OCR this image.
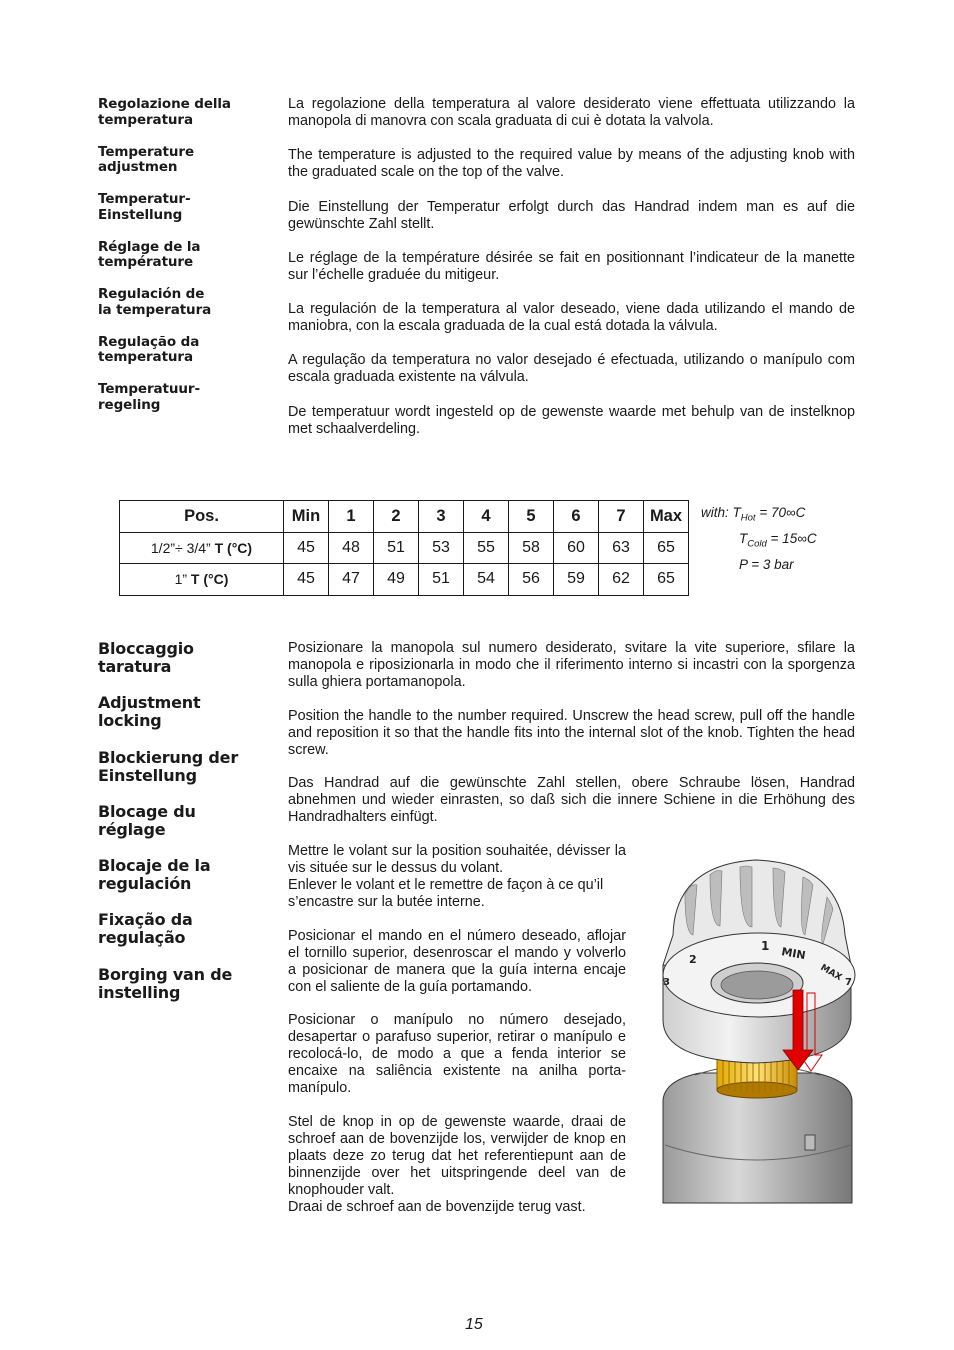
Regolazione della
temperatura
Temperature
adjustmen
Temperatur-
Einstellung
Réglage de la
température
Regulación de
la temperatura
Regulação da
temperatura
Temperatuur-
regeling

La regolazione della temperatura al valore desiderato viene effettuata utilizzando la manopola di manovra con scala graduata di cui è dotata la valvola.

The temperature is adjusted to the required value by means of the adjusting knob with the graduated scale on the top of the valve.

Die Einstellung der Temperatur erfolgt durch das Handrad indem man es auf die gewünschte Zahl stellt.

Le réglage de la température désirée se fait en positionnant l’indicateur de la manette sur l’échelle graduée du mitigeur.

La regulación de la temperatura al valor deseado, viene dada utilizando el mando de maniobra, con la escala graduada de la cual está dotada la válvula.

A regulação da temperatura no valor desejado é efectuada, utilizando o manípulo com escala graduada existente na válvula.

De temperatuur wordt ingesteld op de gewenste waarde met behulp van de instelknop met schaalverdeling.

Pos.	Min	1	2	3	4	5	6	7	Max
1/2”÷ 3/4” T (°C)	45	48	51	53	55	58	60	63	65
1” T (°C)	45	47	49	51	54	56	59	62	65
with: $T_{Hot} = 70\infty C$
$T_{Cold} = 15\infty C$
P = 3 bar
Bloccaggio
taratura
Adjustment
locking
Blockierung der
Einstellung
Blocage du
réglage
Blocaje de la
regulación
Fixação da
regulação
Borging van de
instelling

Posizionare la manopola sul numero desiderato, svitare la vite superiore, sfilare la manopola e riposizionarla in modo che il riferimento interno si incastri con la sporgenza sulla ghiera portamanopola.

Position the handle to the number required. Unscrew the head screw, pull off the handle and reposition it so that the handle fits into the internal slot of the knob. Tighten the head screw.

Das Handrad auf die gewünschte Zahl stellen, obere Schraube lösen, Handrad abnehmen und wieder einrasten, so daß sich die innere Schiene in die Erhöhung des Handradhalters einfügt.

Mettre le volant sur la position souhaitée, dévisser la vis située sur le dessus du volant.

Enlever le volant et le remettre de façon à ce qu’il s’encastre sur la butée interne.

Posicionar el mando en el número deseado, aflojar el tornillo superior, desenroscar el mando y volverlo a posicionar de manera que la guía interna encaje con el saliente de la guía portamando.

Posicionar o manípulo no número desejado, desapertar o parafuso superior, retirar o manípulo e recolocá-lo, de modo a que a fenda interior se encaixe na saliência existente na anilha porta-manípulo.

Stel de knop in op de gewenste waarde, draai de schroef aan de bovenzijde los, verwijder de knop en plaats deze zo terug dat het referentiepunt aan de binnenzijde over het uitspringende deel van de knophouder valt.

Draai de schroef aan de bovenzijde terug vast.

1 MIN
MAX
2
3	7
15
